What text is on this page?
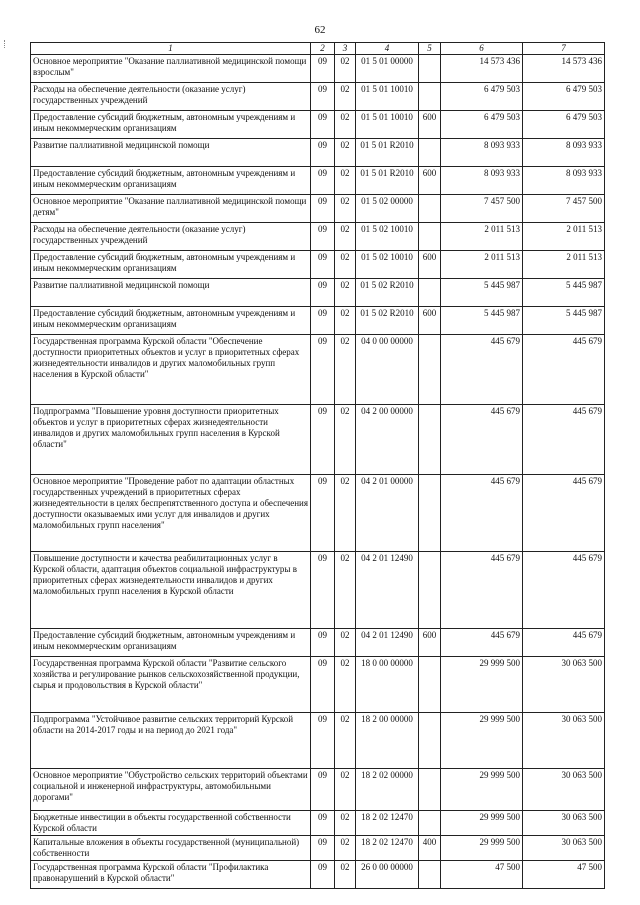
62
1	2	3	4	5	6	7
Основное мероприятие "Оказание паллиативной медицинской помощи взрослым"	09	02	01 5 01 00000		14 573 436	14 573 436
Расходы на обеспечение деятельности (оказание услуг) государственных учреждений	09	02	01 5 01 10010		6 479 503	6 479 503
Предоставление субсидий бюджетным, автономным учреждениям и иным некоммерческим организациям	09	02	01 5 01 10010	600	6 479 503	6 479 503
Развитие паллиативной медицинской помощи	09	02	01 5 01 R2010		8 093 933	8 093 933
Предоставление субсидий бюджетным, автономным учреждениям и иным некоммерческим организациям	09	02	01 5 01 R2010	600	8 093 933	8 093 933
Основное мероприятие "Оказание паллиативной медицинской помощи детям"	09	02	01 5 02 00000		7 457 500	7 457 500
Расходы на обеспечение деятельности (оказание услуг) государственных учреждений	09	02	01 5 02 10010		2 011 513	2 011 513
Предоставление субсидий бюджетным, автономным учреждениям и иным некоммерческим организациям	09	02	01 5 02 10010	600	2 011 513	2 011 513
Развитие паллиативной медицинской помощи	09	02	01 5 02 R2010		5 445 987	5 445 987
Предоставление субсидий бюджетным, автономным учреждениям и иным некоммерческим организациям	09	02	01 5 02 R2010	600	5 445 987	5 445 987
Государственная программа Курской области "Обеспечение доступности приоритетных объектов и услуг в приоритетных сферах жизнедеятельности инвалидов и других маломобильных групп населения в Курской области"	09	02	04 0 00 00000		445 679	445 679
Подпрограмма "Повышение уровня доступности приоритетных объектов и услуг в приоритетных сферах жизнедеятельности инвалидов и других маломобильных групп населения в Курской области"	09	02	04 2 00 00000		445 679	445 679
Основное мероприятие "Проведение работ по адаптации областных государственных учреждений в приоритетных сферах жизнедеятельности в целях беспрепятственного доступа и обеспечения доступности оказываемых ими услуг для инвалидов и других маломобильных групп населения"	09	02	04 2 01 00000		445 679	445 679
Повышение доступности и качества реабилитационных услуг в Курской области, адаптация объектов социальной инфраструктуры в приоритетных сферах жизнедеятельности инвалидов и других маломобильных групп населения в Курской области	09	02	04 2 01 12490		445 679	445 679
Предоставление субсидий бюджетным, автономным учреждениям и иным некоммерческим организациям	09	02	04 2 01 12490	600	445 679	445 679
Государственная программа Курской области "Развитие сельского хозяйства и регулирование рынков сельскохозяйственной продукции, сырья и продовольствия в Курской области"	09	02	18 0 00 00000		29 999 500	30 063 500
Подпрограмма "Устойчивое развитие сельских территорий Курской области на 2014-2017 годы и на период до 2021 года"	09	02	18 2 00 00000		29 999 500	30 063 500
Основное мероприятие "Обустройство сельских территорий объектами социальной и инженерной инфраструктуры, автомобильными дорогами"	09	02	18 2 02 00000		29 999 500	30 063 500
Бюджетные инвестиции в объекты государственной собственности Курской области	09	02	18 2 02 12470		29 999 500	30 063 500
Капитальные вложения в объекты государственной (муниципальной) собственности	09	02	18 2 02 12470	400	29 999 500	30 063 500
Государственная программа Курской области "Профилактика правонарушений в Курской области"	09	02	26 0 00 00000		47 500	47 500
